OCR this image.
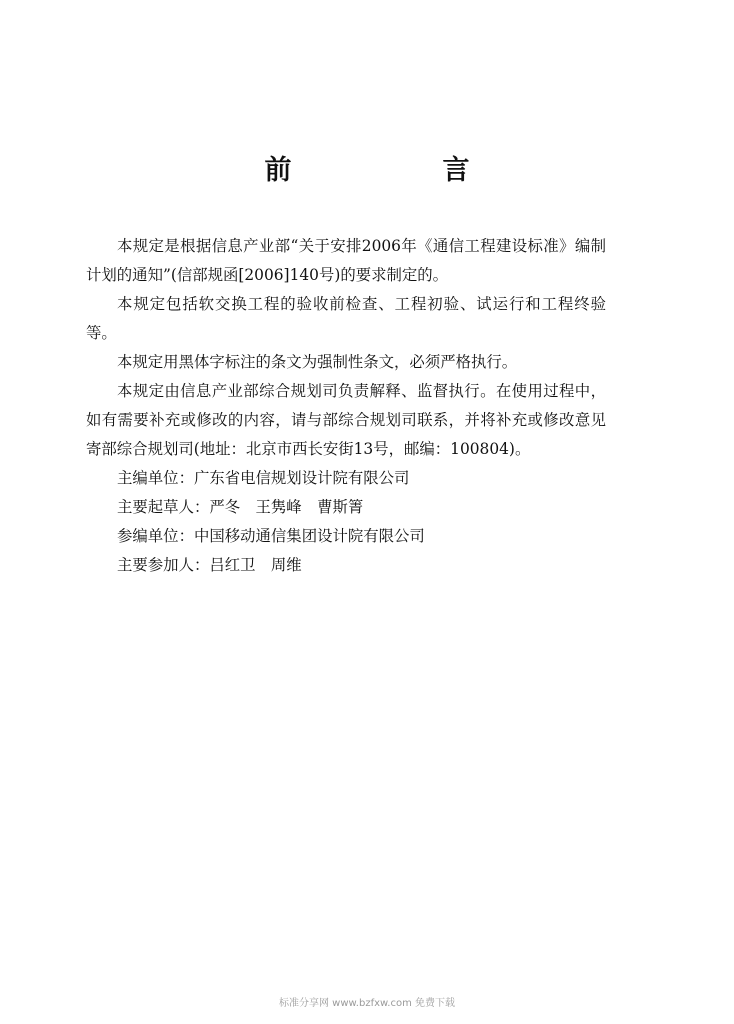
前　言

本规定是根据信息产业部“关于安排2006年《通信工程建设标准》编制计划的通知”(信部规函[2006]140号)的要求制定的。

本规定包括软交换工程的验收前检查、工程初验、试运行和工程终验等。

本规定用黑体字标注的条文为强制性条文，必须严格执行。

本规定由信息产业部综合规划司负责解释、监督执行。在使用过程中，如有需要补充或修改的内容，请与部综合规划司联系，并将补充或修改意见寄部综合规划司(地址：北京市西长安街13号，邮编：100804)。

主编单位：广东省电信规划设计院有限公司

主要起草人：严冬　王隽峰　曹斯箐

参编单位：中国移动通信集团设计院有限公司

主要参加人：吕红卫　周维

标准分享网 www.bzfxw.com 免费下载
